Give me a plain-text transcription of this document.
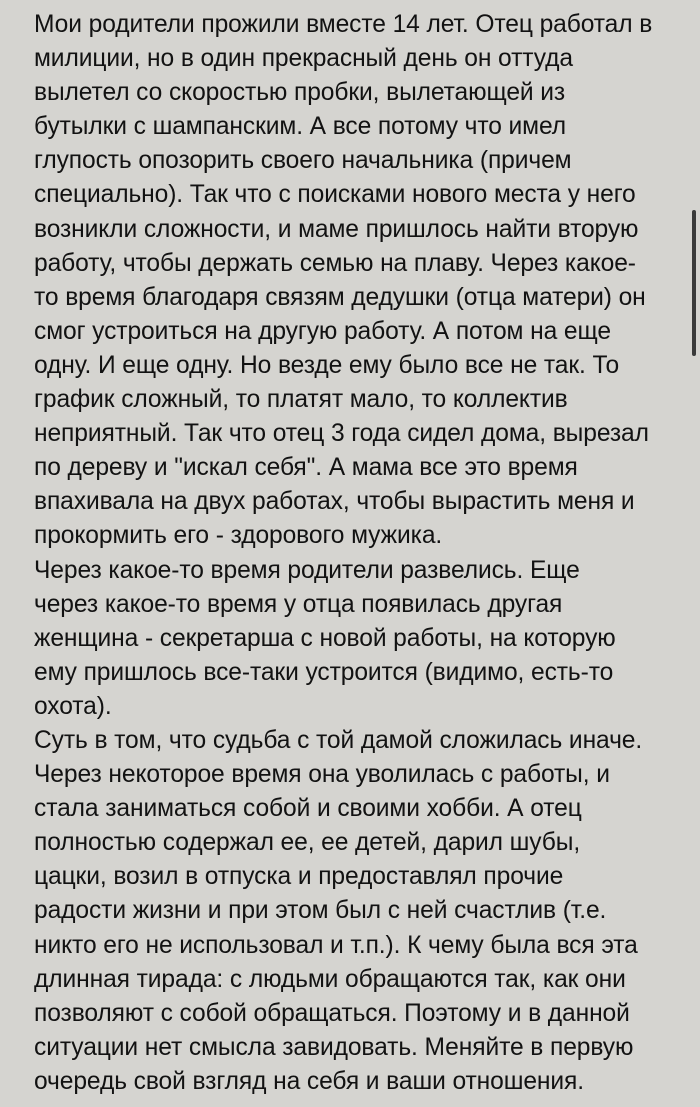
Мои родители прожили вместе 14 лет. Отец работал в
милиции, но в один прекрасный день он оттуда
вылетел со скоростью пробки, вылетающей из
бутылки с шампанским. А все потому что имел
глупость опозорить своего начальника (причем
специально). Так что с поисками нового места у него
возникли сложности, и маме пришлось найти вторую
работу, чтобы держать семью на плаву. Через какое-
то время благодаря связям дедушки (отца матери) он
смог устроиться на другую работу. А потом на еще
одну. И еще одну. Но везде ему было все не так. То
график сложный, то платят мало, то коллектив
неприятный. Так что отец 3 года сидел дома, вырезал
по дереву и "искал себя". А мама все это время
впахивала на двух работах, чтобы вырастить меня и
прокормить его - здорового мужика.
Через какое-то время родители развелись. Еще
через какое-то время у отца появилась другая
женщина - секретарша с новой работы, на которую
ему пришлось все-таки устроится (видимо, есть-то
охота).
Суть в том, что судьба с той дамой сложилась иначе.
Через некоторое время она уволилась с работы, и
стала заниматься собой и своими хобби. А отец
полностью содержал ее, ее детей, дарил шубы,
цацки, возил в отпуска и предоставлял прочие
радости жизни и при этом был с ней счастлив (т.е.
никто его не использовал и т.п.). К чему была вся эта
длинная тирада: с людьми обращаются так, как они
позволяют с собой обращаться. Поэтому и в данной
ситуации нет смысла завидовать. Меняйте в первую
очередь свой взгляд на себя и ваши отношения.
